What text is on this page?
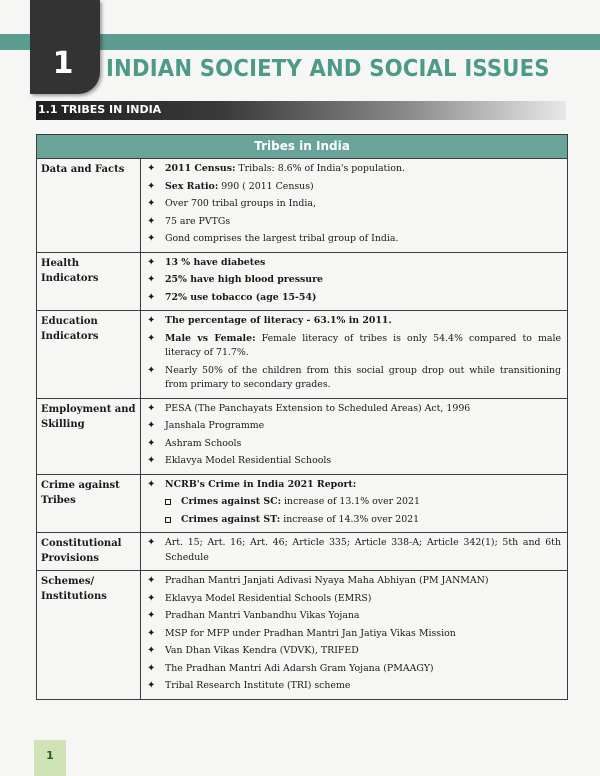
1	INDIAN SOCIETY AND SOCIAL ISSUES
1.1 TRIBES IN INDIA
Tribes in India
Data and Facts	✦ 2011 Census: Tribals: 8.6% of India's population.
✦ Sex Ratio: 990 ( 2011 Census)
✦ Over 700 tribal groups in India,
✦ 75 are PVTGs
✦ Gond comprises the largest tribal group of India.
Health Indicators
✦ 13 % have diabetes
✦ 25% have high blood pressure
✦ 72% use tobacco (age 15-54)
Education Indicators
✦ The percentage of literacy - 63.1% in 2011.
✦ Male vs Female: Female literacy of tribes is only 54.4% compared to male literacy of 71.7%.
✦ Nearly 50% of the children from this social group drop out while transitioning from primary to secondary grades.
Employment and Skilling
✦ PESA (The Panchayats Extension to Scheduled Areas) Act, 1996
✦ Janshala Programme
✦ Ashram Schools
✦ Eklavya Model Residential Schools
Crime against Tribes
✦ NCRB's Crime in India 2021 Report:
Crimes against SC: increase of 13.1% over 2021
Crimes against ST: increase of 14.3% over 2021
Constitutional Provisions
✦ Art. 15; Art. 16; Art. 46; Article 335; Article 338-A; Article 342(1); 5th and 6th Schedule
Schemes/ Institutions
✦ Pradhan Mantri Janjati Adivasi Nyaya Maha Abhiyan (PM JANMAN)
✦ Eklavya Model Residential Schools (EMRS)
✦ Pradhan Mantri Vanbandhu Vikas Yojana
✦ MSP for MFP under Pradhan Mantri Jan Jatiya Vikas Mission
✦ Van Dhan Vikas Kendra (VDVK), TRIFED
✦ The Pradhan Mantri Adi Adarsh Gram Yojana (PMAAGY)
✦ Tribal Research Institute (TRI) scheme
1
